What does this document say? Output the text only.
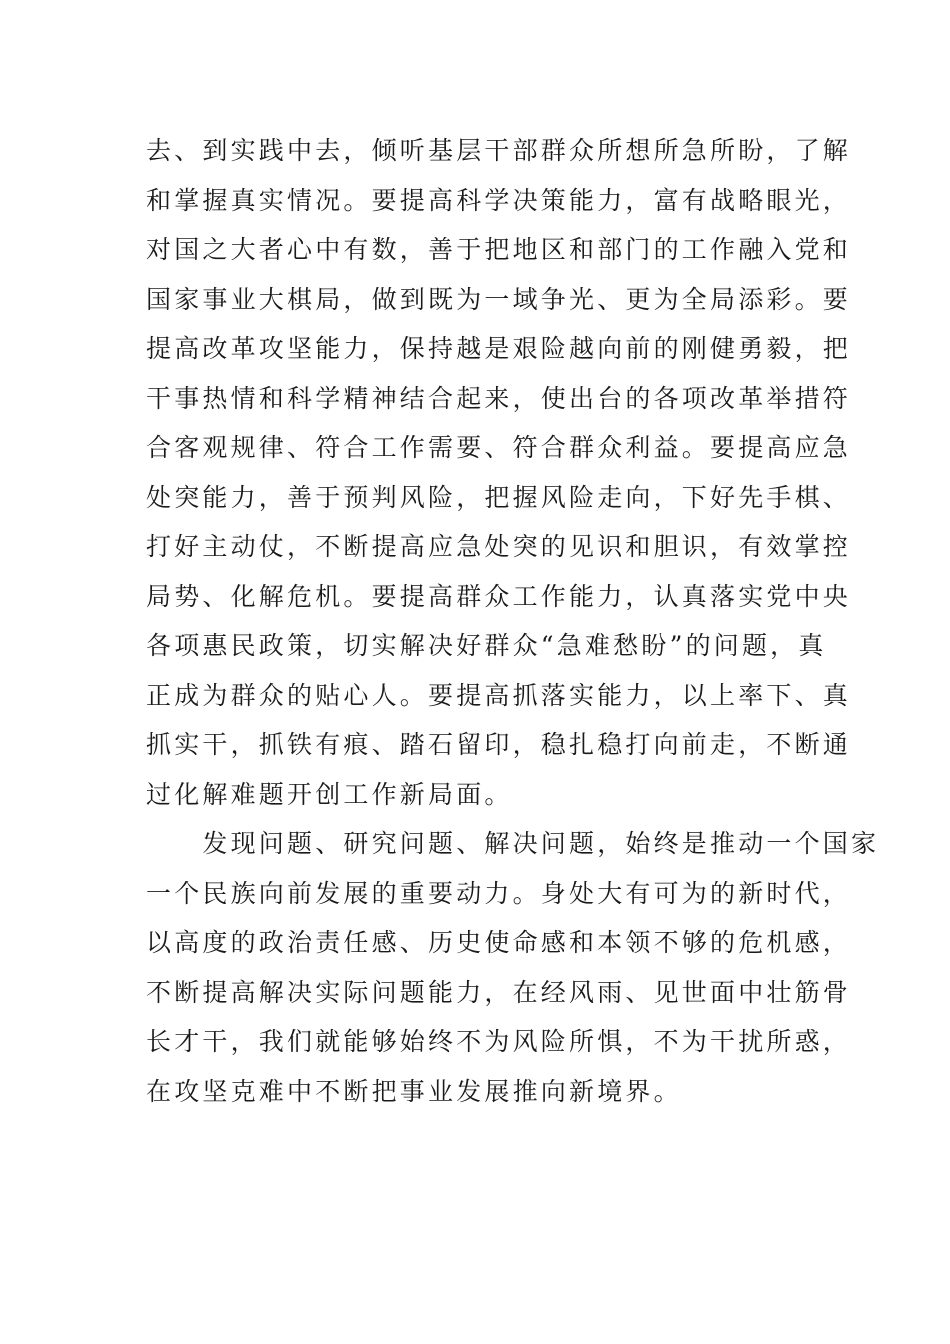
去、到实践中去，倾听基层干部群众所想所急所盼，了解
和掌握真实情况。要提高科学决策能力，富有战略眼光，
对国之大者心中有数，善于把地区和部门的工作融入党和
国家事业大棋局，做到既为一域争光、更为全局添彩。要
提高改革攻坚能力，保持越是艰险越向前的刚健勇毅，把
干事热情和科学精神结合起来，使出台的各项改革举措符
合客观规律、符合工作需要、符合群众利益。要提高应急
处突能力，善于预判风险，把握风险走向，下好先手棋、
打好主动仗，不断提高应急处突的见识和胆识，有效掌控
局势、化解危机。要提高群众工作能力，认真落实党中央
各项惠民政策，切实解决好群众“急难愁盼”的问题，真
正成为群众的贴心人。要提高抓落实能力，以上率下、真
抓实干，抓铁有痕、踏石留印，稳扎稳打向前走，不断通
过化解难题开创工作新局面。
　　发现问题、研究问题、解决问题，始终是推动一个国家
一个民族向前发展的重要动力。身处大有可为的新时代，
以高度的政治责任感、历史使命感和本领不够的危机感，
不断提高解决实际问题能力，在经风雨、见世面中壮筋骨
长才干，我们就能够始终不为风险所惧，不为干扰所惑，
在攻坚克难中不断把事业发展推向新境界。
